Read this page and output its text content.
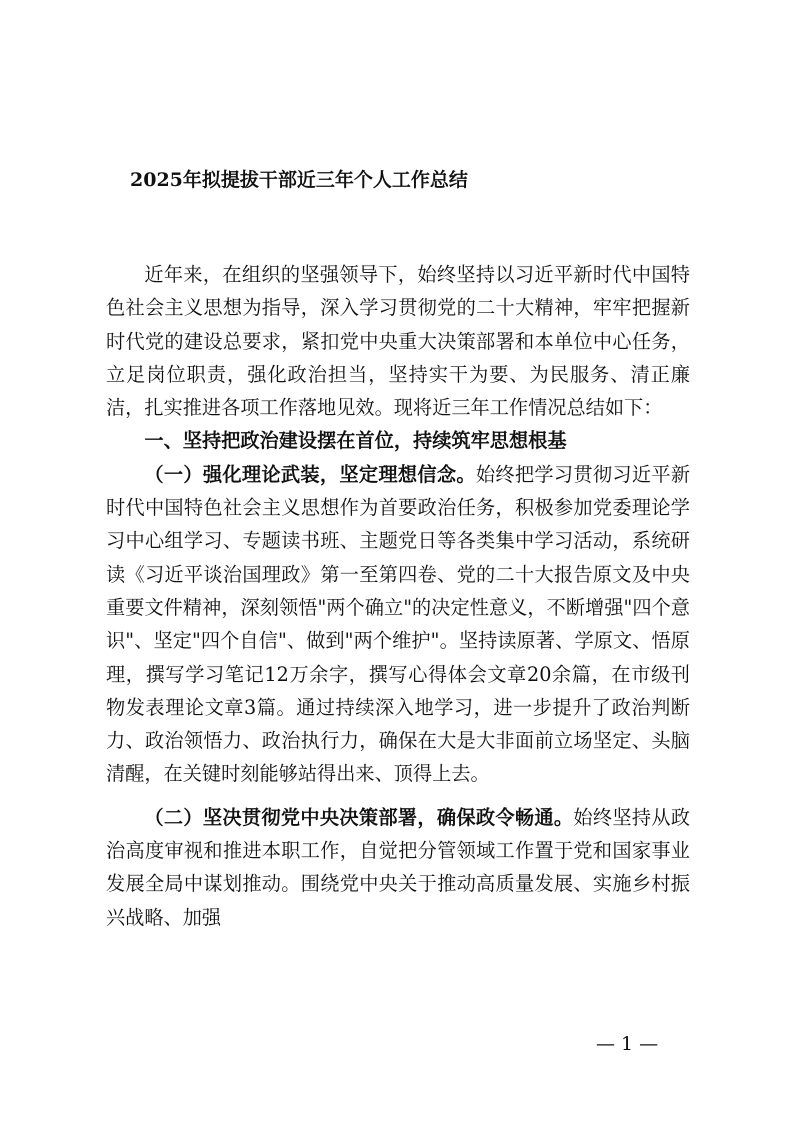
2025年拟提拔干部近三年个人工作总结

近年来，在组织的坚强领导下，始终坚持以习近平新时代中国特色社会主义思想为指导，深入学习贯彻党的二十大精神，牢牢把握新时代党的建设总要求，紧扣党中央重大决策部署和本单位中心任务，立足岗位职责，强化政治担当，坚持实干为要、为民服务、清正廉洁，扎实推进各项工作落地见效。现将近三年工作情况总结如下：

一、坚持把政治建设摆在首位，持续筑牢思想根基

（一）强化理论武装，坚定理想信念。始终把学习贯彻习近平新时代中国特色社会主义思想作为首要政治任务，积极参加党委理论学习中心组学习、专题读书班、主题党日等各类集中学习活动，系统研读《习近平谈治国理政》第一至第四卷、党的二十大报告原文及中央重要文件精神，深刻领悟"两个确立"的决定性意义，不断增强"四个意识"、坚定"四个自信"、做到"两个维护"。坚持读原著、学原文、悟原理，撰写学习笔记12万余字，撰写心得体会文章20余篇，在市级刊物发表理论文章3篇。通过持续深入地学习，进一步提升了政治判断力、政治领悟力、政治执行力，确保在大是大非面前立场坚定、头脑清醒，在关键时刻能够站得出来、顶得上去。

（二）坚决贯彻党中央决策部署，确保政令畅通。始终坚持从政治高度审视和推进本职工作，自觉把分管领域工作置于党和国家事业发展全局中谋划推动。围绕党中央关于推动高质量发展、实施乡村振兴战略、加强

— 1 —
